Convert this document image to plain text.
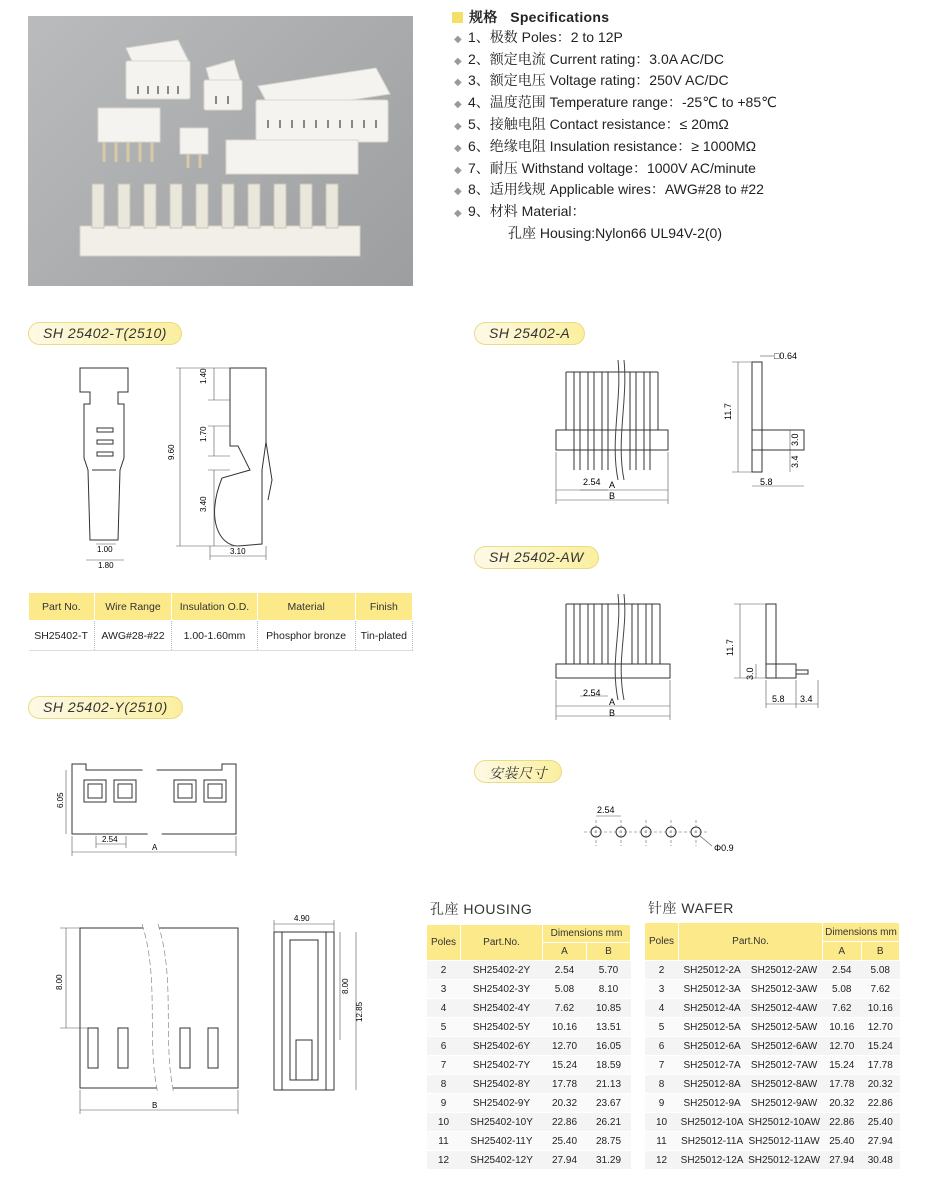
规格 Specifications
◆ 1、极数 Poles：2 to 12P
◆ 2、额定电流 Current rating：3.0A AC/DC
◆ 3、额定电压 Voltage rating：250V AC/DC
◆ 4、温度范围 Temperature range：-25℃ to +85℃
◆ 5、接触电阻 Contact resistance：≤ 20mΩ
◆ 6、绝缘电阻 Insulation resistance：≥ 1000MΩ
◆ 7、耐压 Withstand voltage：1000V AC/minute
◆ 8、适用线规 Applicable wires：AWG#28 to #22
◆ 9、材料 Material：
孔座 Housing:Nylon66 UL94V-2(0)
SH 25402-T(2510)	SH 25402-A
SH 25402-AW
SH 25402-Y(2510)
安装尺寸
1.40
1.70
9.60
3.40
1.00
1.80
3.10
□0.64
11.7
3.0
3.4
2.54 A
B
5.8
11.7
3.0
2.54
A
B
5.8 3.4
Part No.	Wire Range	Insulation O.D.	Material	Finish
SH25402-T	AWG#28-#22	1.00-1.60mm	Phosphor bronze	Tin-plated
6.05
2.54
A
2.54
Φ0.9
8.00
B
4.90
8.00
12.85
孔座 HOUSING
Poles	Part.No.	Dimensions mm	
		A	B
2	SH25402-2Y	2.54	5.70
3	SH25402-3Y	5.08	8.10
4	SH25402-4Y	7.62	10.85
5	SH25402-5Y	10.16	13.51
6	SH25402-6Y	12.70	16.05
7	SH25402-7Y	15.24	18.59
8	SH25402-8Y	17.78	21.13
9	SH25402-9Y	20.32	23.67
10	SH25402-10Y	22.86	26.21
11	SH25402-11Y	25.40	28.75
12	SH25402-12Y	27.94	31.29
针座 WAFER
Poles	Part.No.		Dimensions mm	
			A	B
2	SH25012-2A	SH25012-2AW	2.54	5.08
3	SH25012-3A	SH25012-3AW	5.08	7.62
4	SH25012-4A	SH25012-4AW	7.62	10.16
5	SH25012-5A	SH25012-5AW	10.16	12.70
6	SH25012-6A	SH25012-6AW	12.70	15.24
7	SH25012-7A	SH25012-7AW	15.24	17.78
8	SH25012-8A	SH25012-8AW	17.78	20.32
9	SH25012-9A	SH25012-9AW	20.32	22.86
10	SH25012-10A	SH25012-10AW	22.86	25.40
11	SH25012-11A	SH25012-11AW	25.40	27.94
12	SH25012-12A	SH25012-12AW	27.94	30.48
